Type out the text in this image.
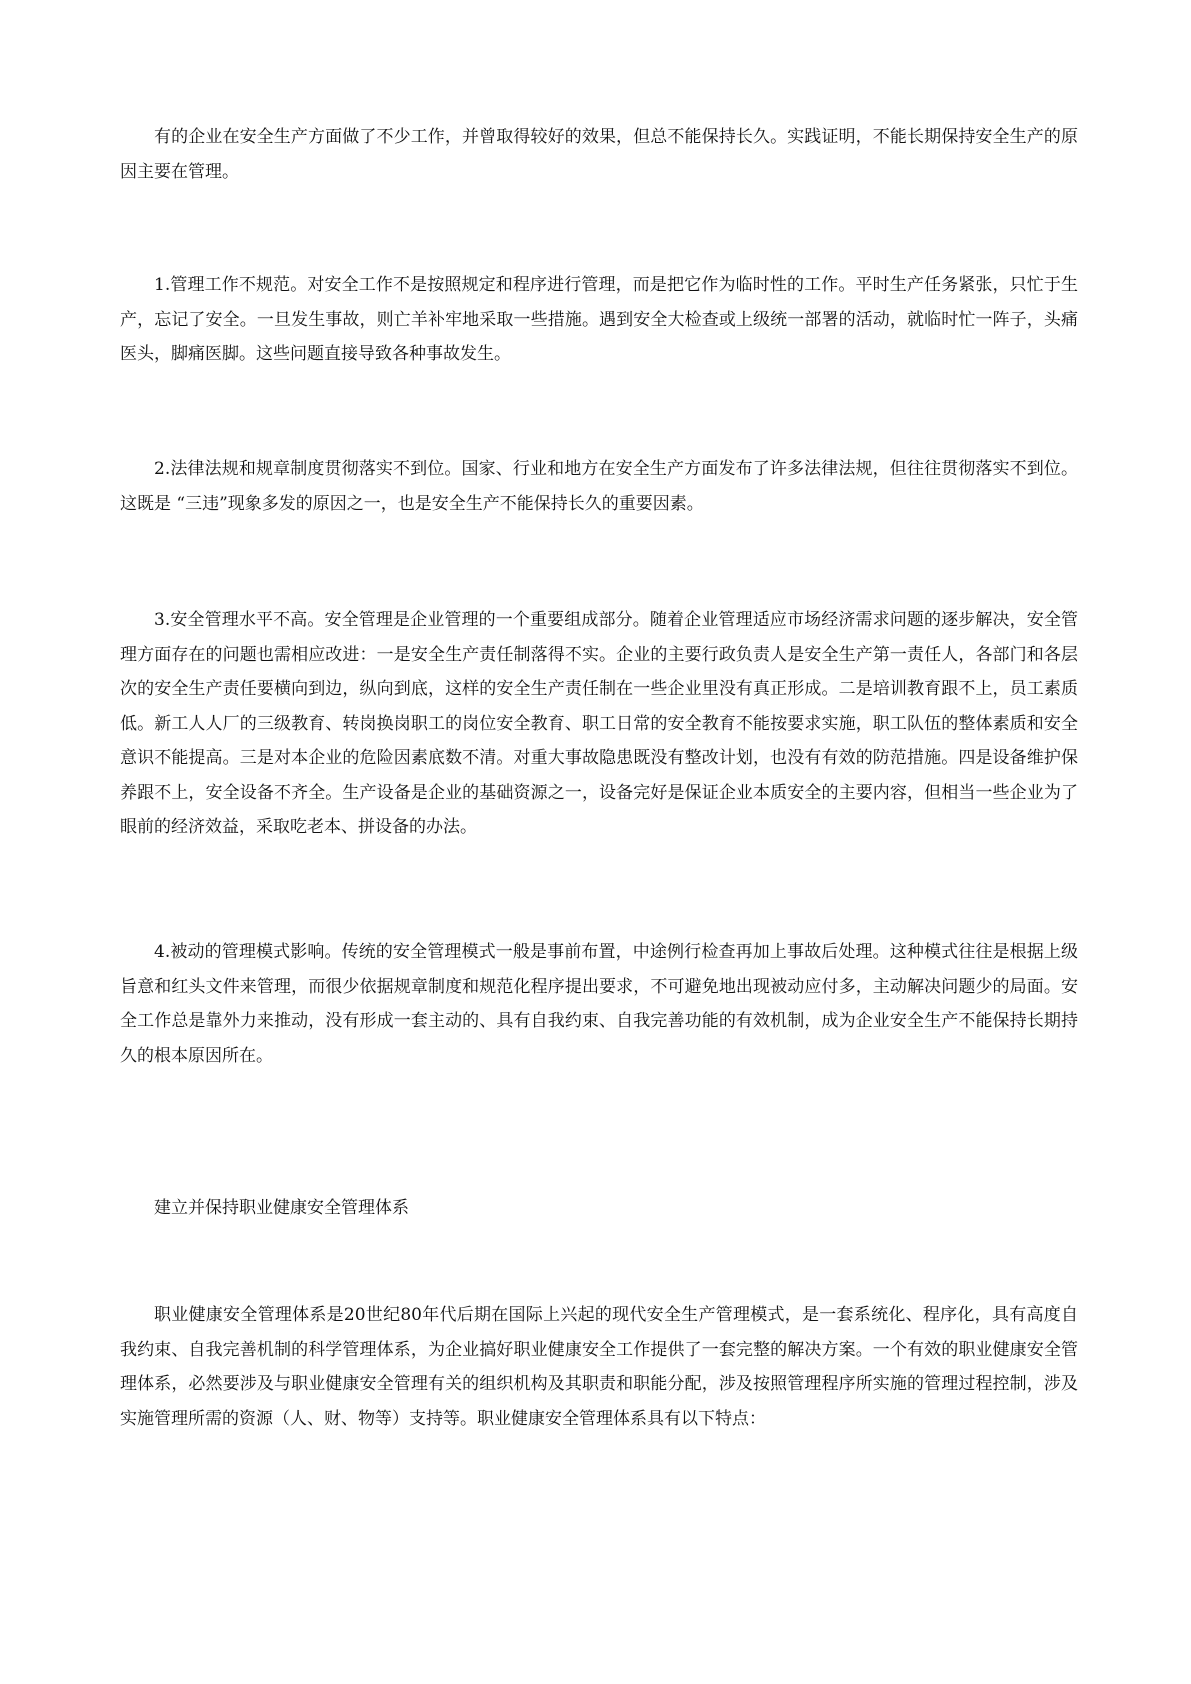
有的企业在安全生产方面做了不少工作，并曾取得较好的效果，但总不能保持长久。实践证明，不能长期保持安全生产的原因主要在管理。

1.管理工作不规范。对安全工作不是按照规定和程序进行管理，而是把它作为临时性的工作。平时生产任务紧张，只忙于生产，忘记了安全。一旦发生事故，则亡羊补牢地采取一些措施。遇到安全大检查或上级统一部署的活动，就临时忙一阵子，头痛医头，脚痛医脚。这些问题直接导致各种事故发生。

2.法律法规和规章制度贯彻落实不到位。国家、行业和地方在安全生产方面发布了许多法律法规，但往往贯彻落实不到位。这既是 “三违”现象多发的原因之一，也是安全生产不能保持长久的重要因素。

3.安全管理水平不高。安全管理是企业管理的一个重要组成部分。随着企业管理适应市场经济需求问题的逐步解决，安全管理方面存在的问题也需相应改进：一是安全生产责任制落得不实。企业的主要行政负责人是安全生产第一责任人，各部门和各层次的安全生产责任要横向到边，纵向到底，这样的安全生产责任制在一些企业里没有真正形成。二是培训教育跟不上，员工素质低。新工人人厂的三级教育、转岗换岗职工的岗位安全教育、职工日常的安全教育不能按要求实施，职工队伍的整体素质和安全意识不能提高。三是对本企业的危险因素底数不清。对重大事故隐患既没有整改计划，也没有有效的防范措施。四是设备维护保养跟不上，安全设备不齐全。生产设备是企业的基础资源之一，设备完好是保证企业本质安全的主要内容，但相当一些企业为了眼前的经济效益，采取吃老本、拼设备的办法。

4.被动的管理模式影响。传统的安全管理模式一般是事前布置，中途例行检查再加上事故后处理。这种模式往往是根据上级旨意和红头文件来管理，而很少依据规章制度和规范化程序提出要求，不可避免地出现被动应付多，主动解决问题少的局面。安全工作总是靠外力来推动，没有形成一套主动的、具有自我约束、自我完善功能的有效机制，成为企业安全生产不能保持长期持久的根本原因所在。

建立并保持职业健康安全管理体系

职业健康安全管理体系是20世纪80年代后期在国际上兴起的现代安全生产管理模式，是一套系统化、程序化，具有高度自我约束、自我完善机制的科学管理体系，为企业搞好职业健康安全工作提供了一套完整的解决方案。一个有效的职业健康安全管理体系，必然要涉及与职业健康安全管理有关的组织机构及其职责和职能分配，涉及按照管理程序所实施的管理过程控制，涉及实施管理所需的资源（人、财、物等）支持等。职业健康安全管理体系具有以下特点：
